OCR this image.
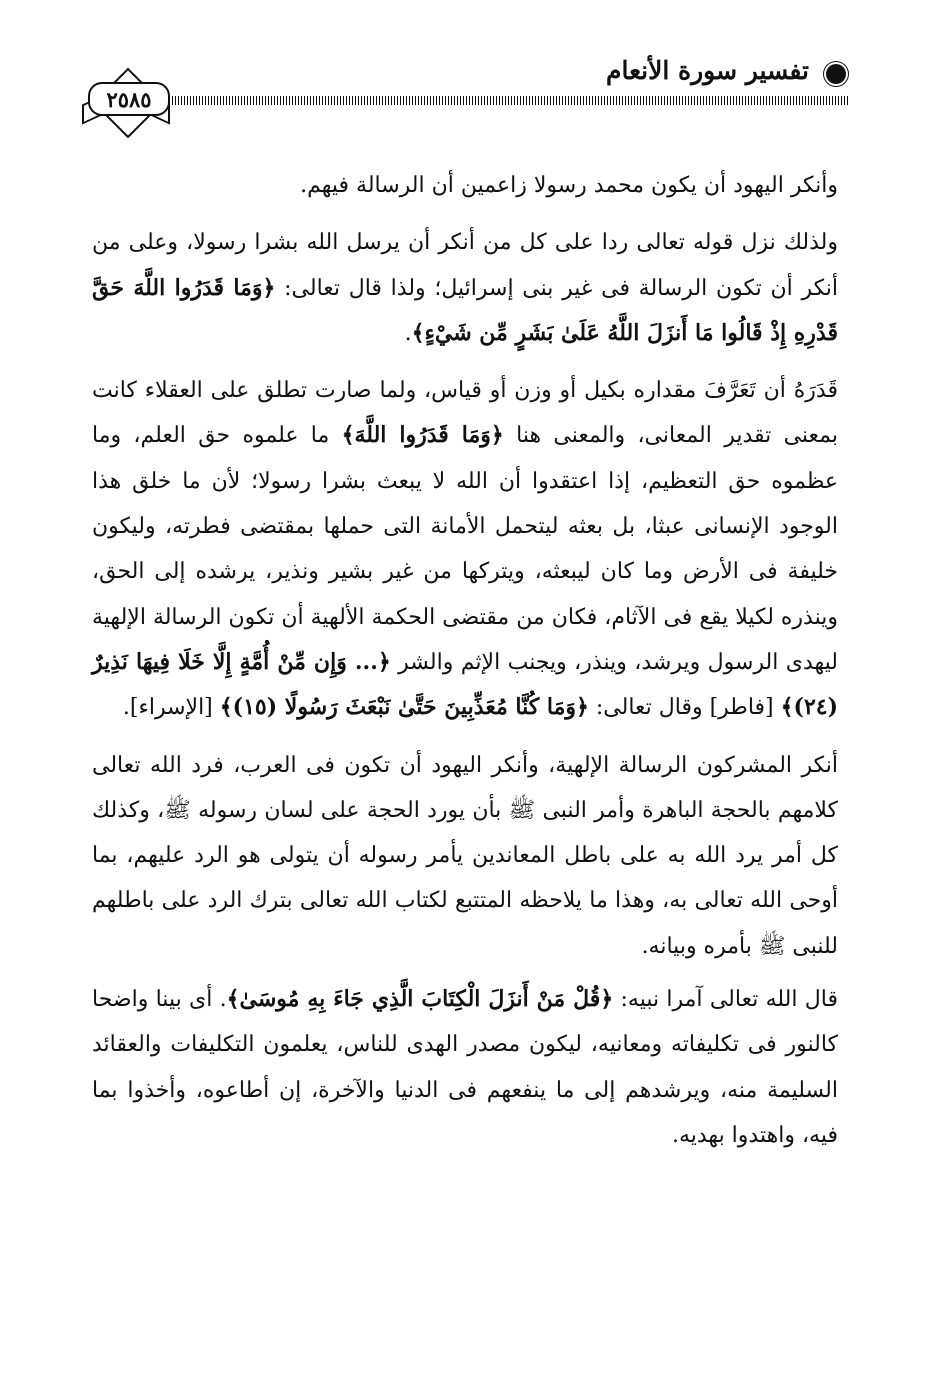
تفسير سورة الأنعام
٢٥٨٥

وأنكر اليهود أن يكون محمد رسولا زاعمين أن الرسالة فيهم.

ولذلك نزل قوله تعالى ردا على كل من أنكر أن يرسل الله بشرا رسولا، وعلى من أنكر أن تكون الرسالة فى غير بنى إسرائيل؛ ولذا قال تعالى: ﴿وَمَا قَدَرُوا اللَّهَ حَقَّ قَدْرِهِ إِذْ قَالُوا مَا أَنزَلَ اللَّهُ عَلَىٰ بَشَرٍ مِّن شَيْءٍ﴾.

قَدَرَهُ أن تَعَرَّفَ مقداره بكيل أو وزن أو قياس، ولما صارت تطلق على العقلاء كانت بمعنى تقدير المعانى، والمعنى هنا ﴿وَمَا قَدَرُوا اللَّهَ﴾ ما علموه حق العلم، وما عظموه حق التعظيم، إذا اعتقدوا أن الله لا يبعث بشرا رسولا؛ لأن ما خلق هذا الوجود الإنسانى عبثا، بل بعثه ليتحمل الأمانة التى حملها بمقتضى فطرته، وليكون خليفة فى الأرض وما كان ليبعثه، ويتركها من غير بشير ونذير، يرشده إلى الحق، وينذره لكيلا يقع فى الآثام، فكان من مقتضى الحكمة الألهية أن تكون الرسالة الإلهية ليهدى الرسول ويرشد، وينذر، ويجنب الإثم والشر ﴿... وَإِن مِّنْ أُمَّةٍ إِلَّا خَلَا فِيهَا نَذِيرٌ (٢٤)﴾ [فاطر] وقال تعالى: ﴿وَمَا كُنَّا مُعَذِّبِينَ حَتَّىٰ نَبْعَثَ رَسُولًا (١٥)﴾ [الإسراء].

أنكر المشركون الرسالة الإلهية، وأنكر اليهود أن تكون فى العرب، فرد الله تعالى كلامهم بالحجة الباهرة وأمر النبى ﷺ بأن يورد الحجة على لسان رسوله ﷺ، وكذلك كل أمر يرد الله به على باطل المعاندين يأمر رسوله أن يتولى هو الرد عليهم، بما أوحى الله تعالى به، وهذا ما يلاحظه المتتبع لكتاب الله تعالى بترك الرد على باطلهم للنبى ﷺ بأمره وبيانه.

قال الله تعالى آمرا نبيه: ﴿قُلْ مَنْ أَنزَلَ الْكِتَابَ الَّذِي جَاءَ بِهِ مُوسَىٰ﴾. أى بينا واضحا كالنور فى تكليفاته ومعانيه، ليكون مصدر الهدى للناس، يعلمون التكليفات والعقائد السليمة منه، ويرشدهم إلى ما ينفعهم فى الدنيا والآخرة، إن أطاعوه، وأخذوا بما فيه، واهتدوا بهديه.
